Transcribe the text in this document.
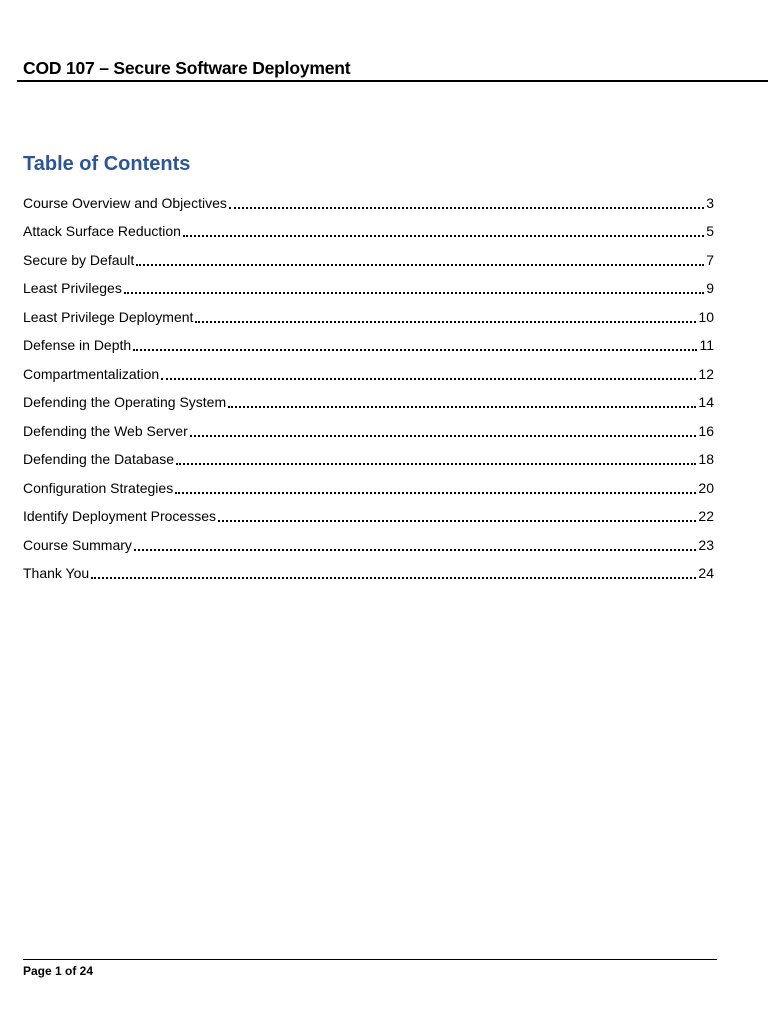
COD 107 – Secure Software Deployment
Table of Contents
Course Overview and Objectives	3
Attack Surface Reduction	5
Secure by Default	7
Least Privileges	9
Least Privilege Deployment	10
Defense in Depth	11
Compartmentalization	12
Defending the Operating System	14
Defending the Web Server	16
Defending the Database	18
Configuration Strategies	20
Identify Deployment Processes	22
Course Summary	23
Thank You	24
Page 1 of 24
